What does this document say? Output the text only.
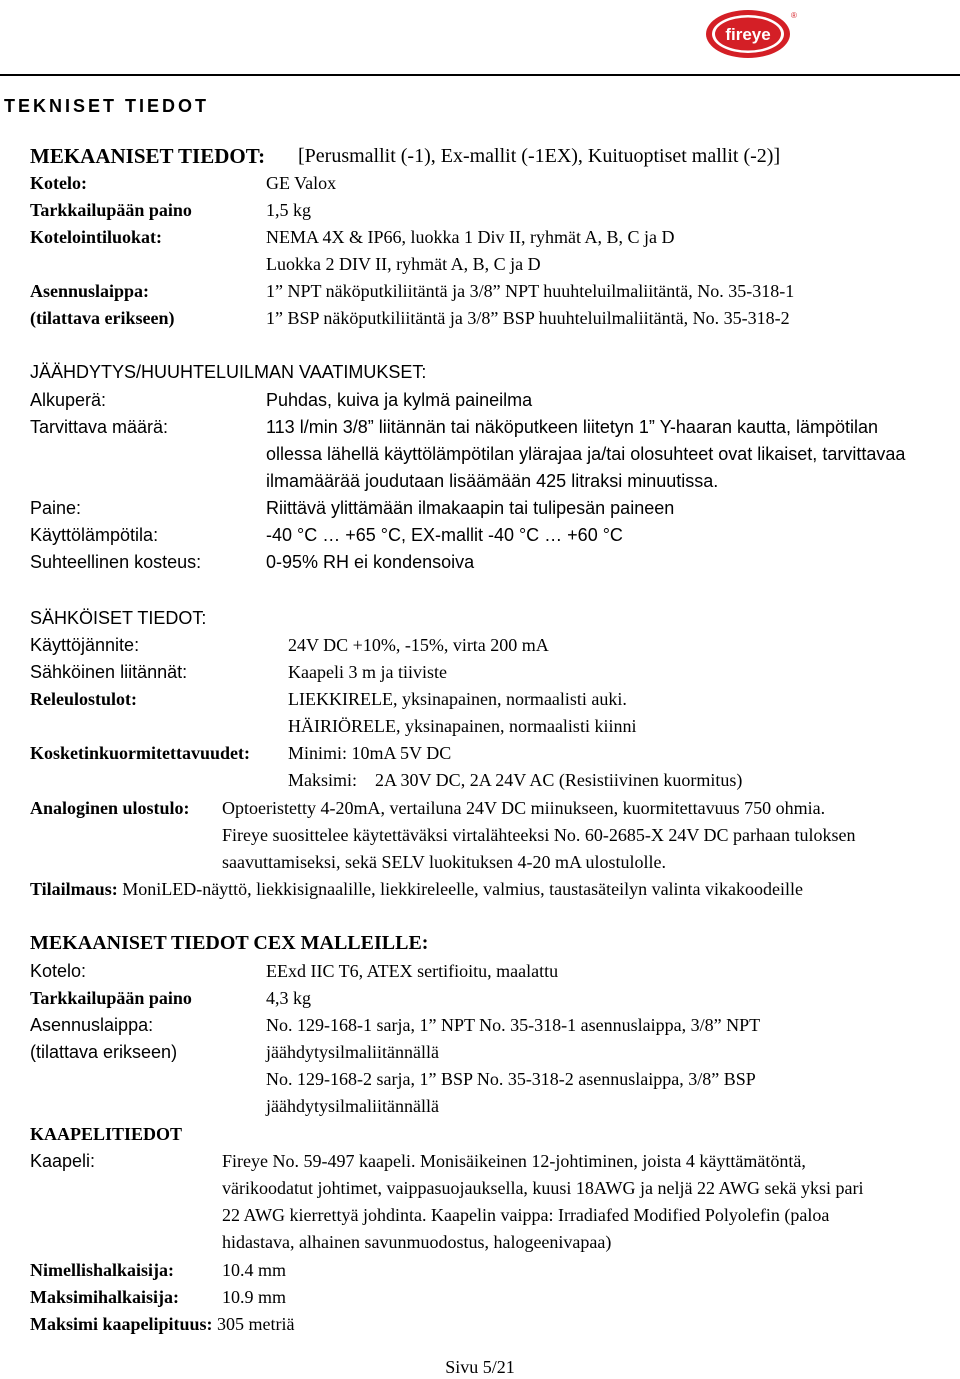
fireye
®
TEKNISET TIEDOT
MEKAANISET TIEDOT: [Perusmallit (-1), Ex-mallit (-1EX), Kuituoptiset mallit (-2)]
Kotelo:	GE Valox
Tarkkailupään paino	1,5 kg
Kotelointiluokat:	NEMA 4X & IP66, luokka 1 Div II, ryhmät A, B, C ja D
Luokka 2 DIV II, ryhmät A, B, C ja D
Asennuslaippa:	1” NPT näköputkiliitäntä ja 3/8” NPT huuhteluilmaliitäntä, No. 35-318-1
(tilattava erikseen)	1” BSP näköputkiliitäntä ja 3/8” BSP huuhteluilmaliitäntä, No. 35-318-2
JÄÄHDYTYS/HUUHTELUILMAN VAATIMUKSET:
Alkuperä:	Puhdas, kuiva ja kylmä paineilma
Tarvittava määrä:	113 l/min 3/8” liitännän tai näköputkeen liitetyn 1” Y-haaran kautta, lämpötilan
ollessa lähellä käyttölämpötilan ylärajaa ja/tai olosuhteet ovat likaiset, tarvittavaa
ilmamäärää joudutaan lisäämään 425 litraksi minuutissa.
Paine:	Riittävä ylittämään ilmakaapin tai tulipesän paineen
Käyttölämpötila:	-40 °C … +65 °C, EX-mallit -40 °C … +60 °C
Suhteellinen kosteus:	0-95% RH ei kondensoiva
SÄHKÖISET TIEDOT:
Käyttöjännite:	24V DC +10%, -15%, virta 200 mA
Sähköinen liitännät:	Kaapeli 3 m ja tiiviste
Releulostulot:	LIEKKIRELE, yksinapainen, normaalisti auki.
HÄIRIÖRELE, yksinapainen, normaalisti kiinni
Kosketinkuormitettavuudet: Minimi: 10mA 5V DC
Maksimi:    2A 30V DC, 2A 24V AC (Resistiivinen kuormitus)
Analoginen ulostulo: Optoeristetty 4-20mA, vertailuna 24V DC miinukseen, kuormitettavuus 750 ohmia.
Fireye suosittelee käytettäväksi virtalähteeksi No. 60-2685-X 24V DC parhaan tuloksen
saavuttamiseksi, sekä SELV luokituksen 4-20 mA ulostulolle.
Tilailmaus: MoniLED-näyttö, liekkisignaalille, liekkireleelle, valmius, taustasäteilyn valinta vikakoodeille
MEKAANISET TIEDOT CEX MALLEILLE:
Kotelo:	EExd IIC T6, ATEX sertifioitu, maalattu
Tarkkailupään paino	4,3 kg
Asennuslaippa:	No. 129-168-1 sarja, 1” NPT No. 35-318-1 asennuslaippa, 3/8” NPT
(tilattava erikseen)	jäähdytysilmaliitännällä
No. 129-168-2 sarja, 1” BSP No. 35-318-2 asennuslaippa, 3/8” BSP
jäähdytysilmaliitännällä
KAAPELITIEDOT
Kaapeli:	Fireye No. 59-497 kaapeli. Monisäikeinen 12-johtiminen, joista 4 käyttämätöntä,
värikoodatut johtimet, vaippasuojauksella, kuusi 18AWG ja neljä 22 AWG sekä yksi pari
22 AWG kierrettyä johdinta. Kaapelin vaippa: Irradiafed Modified Polyolefin (paloa
hidastava, alhainen savunmuodostus, halogeenivapaa)
Nimellishalkaisija:	10.4 mm
Maksimihalkaisija: 10.9 mm
Maksimi kaapelipituus: 305 metriä
Sivu 5/21
